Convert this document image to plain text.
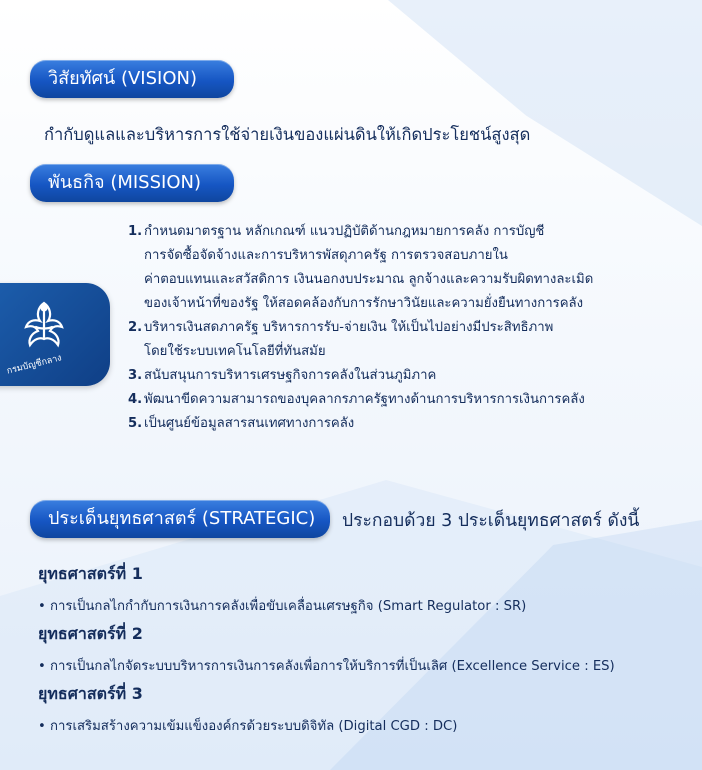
วิสัยทัศน์ (VISION)
กำกับดูแลและบริหารการใช้จ่ายเงินของแผ่นดินให้เกิดประโยชน์สูงสุด
พันธกิจ (MISSION)
กรมบัญชีกลาง
1. กำหนดมาตรฐาน หลักเกณฑ์ แนวปฏิบัติด้านกฎหมายการคลัง การบัญชี
การจัดซื้อจัดจ้างและการบริหารพัสดุภาครัฐ การตรวจสอบภายใน
ค่าตอบแทนและสวัสดิการ เงินนอกงบประมาณ ลูกจ้างและความรับผิดทางละเมิด
ของเจ้าหน้าที่ของรัฐ ให้สอดคล้องกับการรักษาวินัยและความยั่งยืนทางการคลัง
2. บริหารเงินสดภาครัฐ บริหารการรับ-จ่ายเงิน ให้เป็นไปอย่างมีประสิทธิภาพ
โดยใช้ระบบเทคโนโลยีที่ทันสมัย
3. สนับสนุนการบริหารเศรษฐกิจการคลังในส่วนภูมิภาค
4. พัฒนาขีดความสามารถของบุคลากรภาครัฐทางด้านการบริหารการเงินการคลัง
5. เป็นศูนย์ข้อมูลสารสนเทศทางการคลัง
ประเด็นยุทธศาสตร์ (STRATEGIC)	ประกอบด้วย 3 ประเด็นยุทธศาสตร์ ดังนี้
ยุทธศาสตร์ที่ 1
• การเป็นกลไกกำกับการเงินการคลังเพื่อขับเคลื่อนเศรษฐกิจ (Smart Regulator : SR)
ยุทธศาสตร์ที่ 2
• การเป็นกลไกจัดระบบบริหารการเงินการคลังเพื่อการให้บริการที่เป็นเลิศ (Excellence Service : ES)
ยุทธศาสตร์ที่ 3
• การเสริมสร้างความเข้มแข็งองค์กรด้วยระบบดิจิทัล (Digital CGD : DC)
